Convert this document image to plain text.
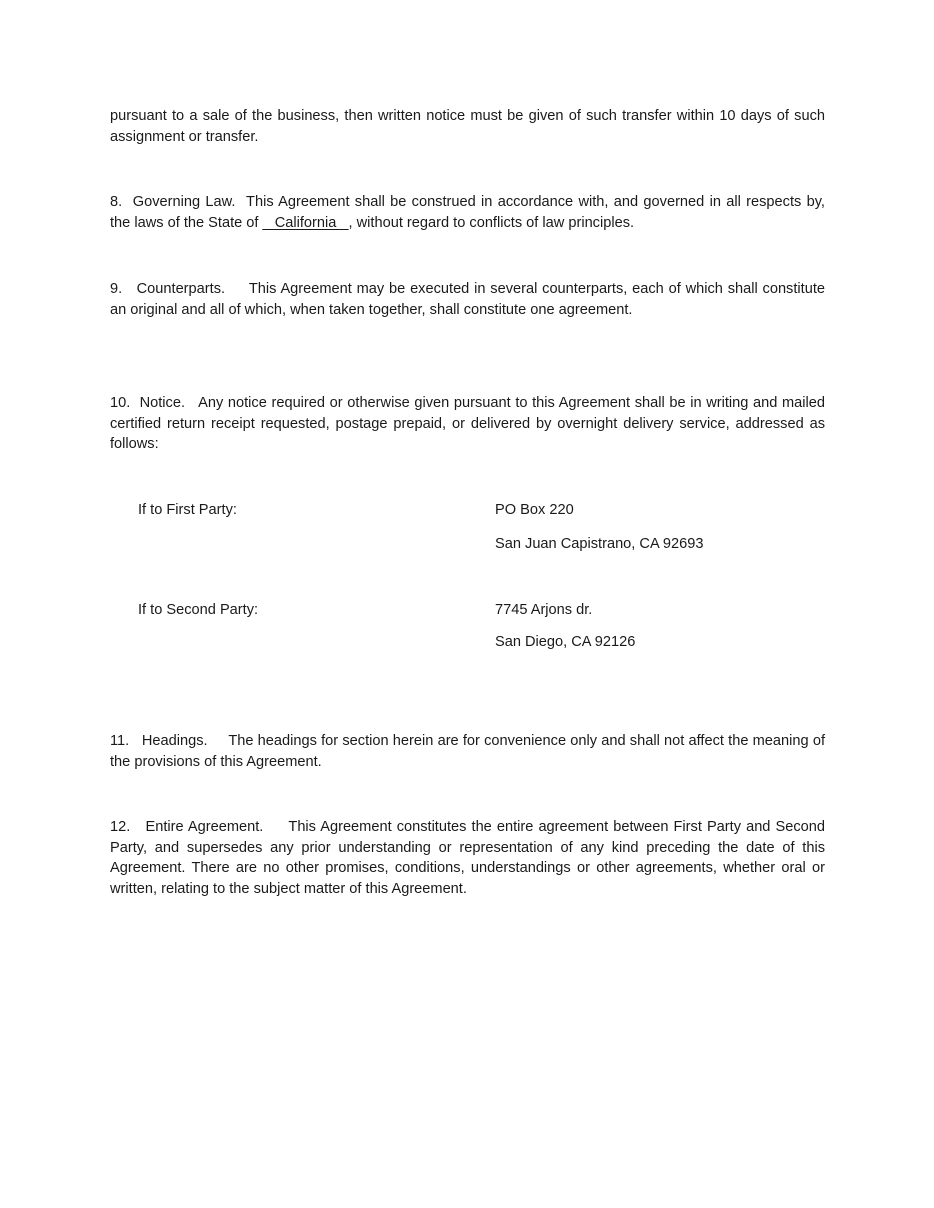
pursuant to a sale of the business, then written notice must be given of such transfer within 10 days of such assignment or transfer.

8. Governing Law. This Agreement shall be construed in accordance with, and governed in all respects by, the laws of the State of _ California _, without regard to conflicts of law principles.

9. Counterparts. This Agreement may be executed in several counterparts, each of which shall constitute an original and all of which, when taken together, shall constitute one agreement.

10. Notice. Any notice required or otherwise given pursuant to this Agreement shall be in writing and mailed certified return receipt requested, postage prepaid, or delivered by overnight delivery service, addressed as follows:

If to First Party:	PO Box 220

San Juan Capistrano, CA 92693

If to Second Party:	7745 Arjons dr.

San Diego, CA 92126

11. Headings. The headings for section herein are for convenience only and shall not affect the meaning of the provisions of this Agreement.

12. Entire Agreement. This Agreement constitutes the entire agreement between First Party and Second Party, and supersedes any prior understanding or representation of any kind preceding the date of this Agreement. There are no other promises, conditions, understandings or other agreements, whether oral or written, relating to the subject matter of this Agreement.
